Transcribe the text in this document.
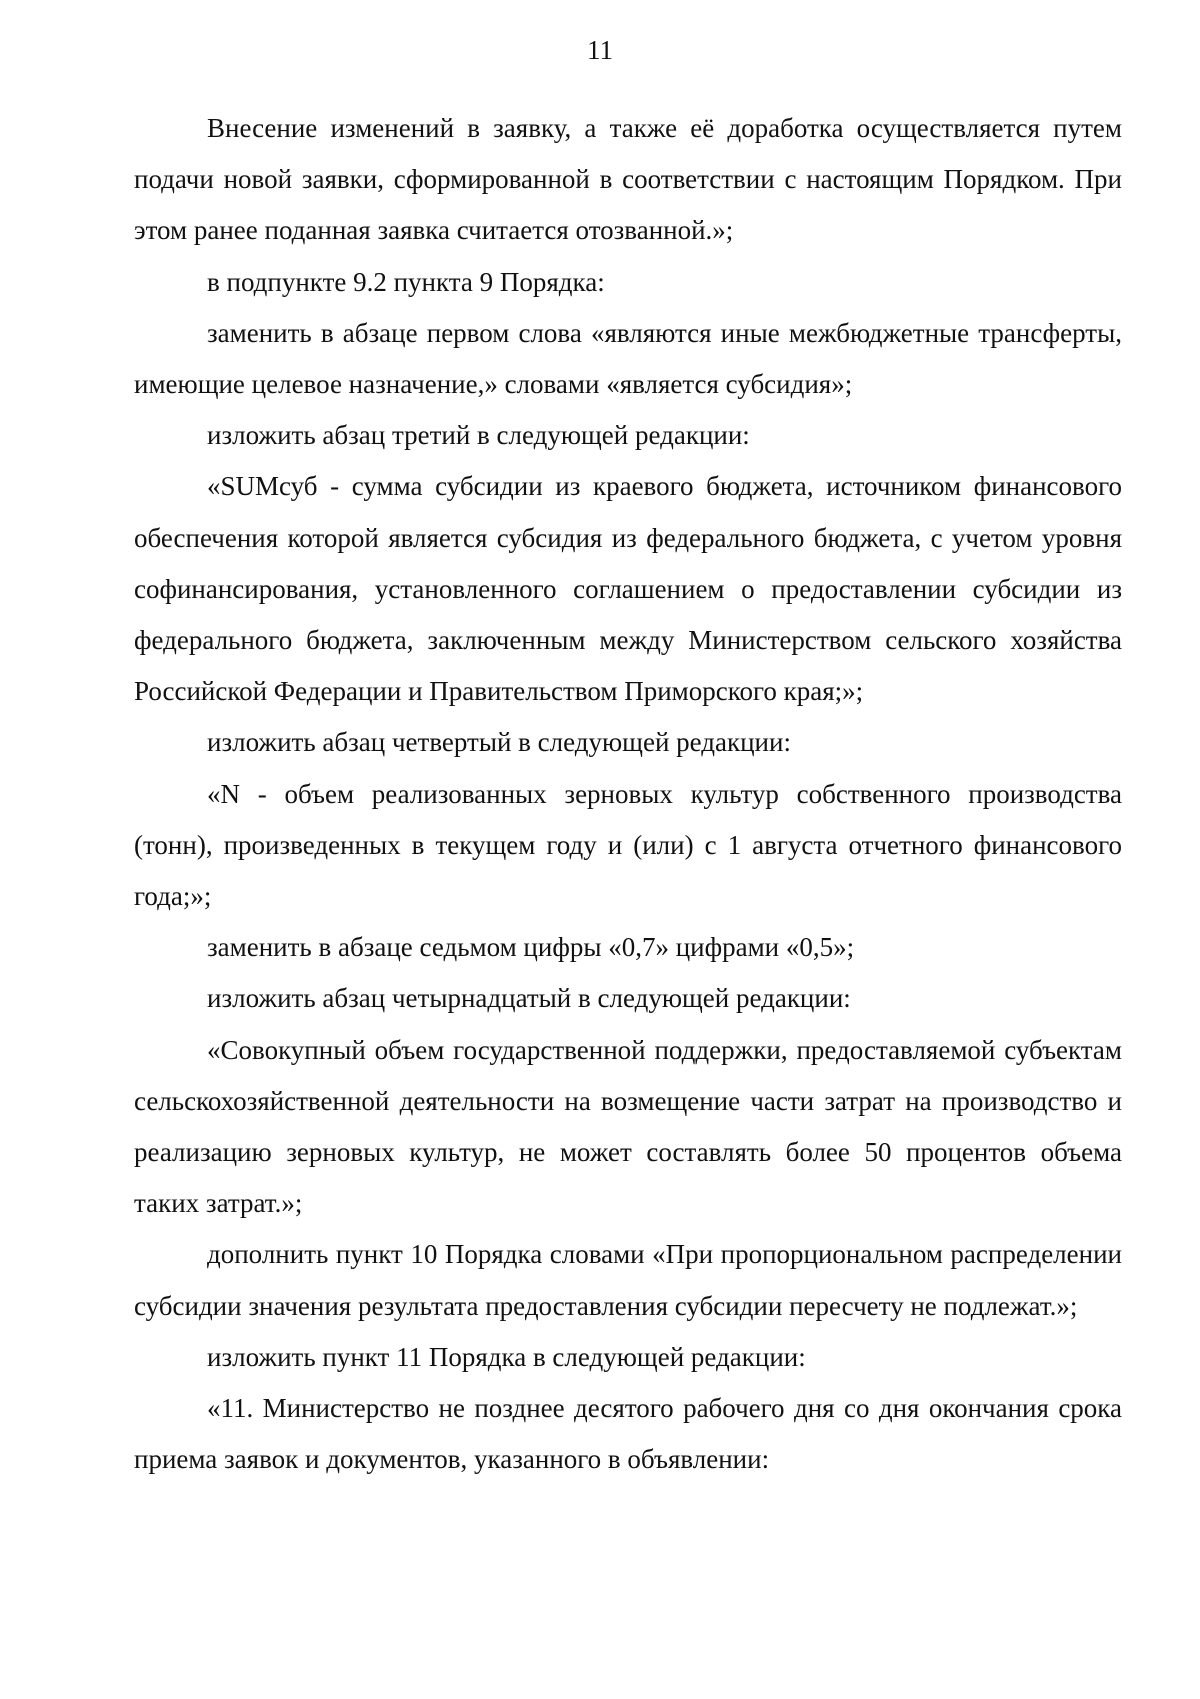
11

Внесение изменений в заявку, а также её доработка осуществляется путем подачи новой заявки, сформированной в соответствии с настоящим Порядком. При этом ранее поданная заявка считается отозванной.»;

в подпункте 9.2 пункта 9 Порядка:

заменить в абзаце первом слова «являются иные межбюджетные трансферты, имеющие целевое назначение,» словами «является субсидия»;

изложить абзац третий в следующей редакции:

«SUMсуб - сумма субсидии из краевого бюджета, источником финансового обеспечения которой является субсидия из федерального бюджета, с учетом уровня софинансирования, установленного соглашением о предоставлении субсидии из федерального бюджета, заключенным между Министерством сельского хозяйства Российской Федерации и Правительством Приморского края;»;

изложить абзац четвертый в следующей редакции:

«N - объем реализованных зерновых культур собственного производства (тонн), произведенных в текущем году и (или) с 1 августа отчетного финансового года;»;

заменить в абзаце седьмом цифры «0,7» цифрами «0,5»;

изложить абзац четырнадцатый в следующей редакции:

«Совокупный объем государственной поддержки, предоставляемой субъектам сельскохозяйственной деятельности на возмещение части затрат на производство и реализацию зерновых культур, не может составлять более 50 процентов объема таких затрат.»;

дополнить пункт 10 Порядка словами «При пропорциональном распределении субсидии значения результата предоставления субсидии пересчету не подлежат.»;

изложить пункт 11 Порядка в следующей редакции:

«11. Министерство не позднее десятого рабочего дня со дня окончания срока приема заявок и документов, указанного в объявлении:
